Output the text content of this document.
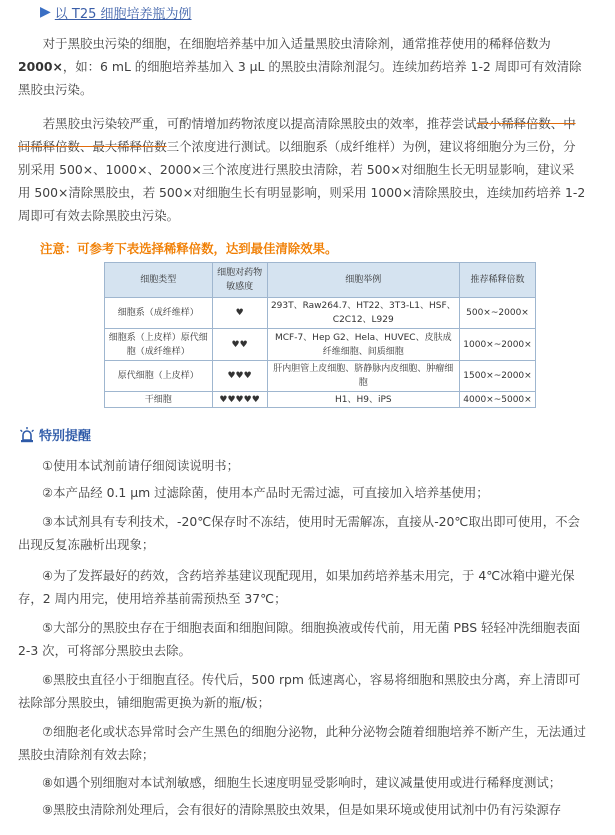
▶ 以 T25 细胞培养瓶为例
对于黑胶虫污染的细胞，在细胞培养基中加入适量黑胶虫清除剂，通常推荐使用的稀释倍数为2000×，如：6 mL 的细胞培养基加入 3 μL 的黑胶虫清除剂混匀。连续加药培养 1-2 周即可有效清除黑胶虫污染。
若黑胶虫污染较严重，可酌情增加药物浓度以提高清除黑胶虫的效率，推荐尝试最小稀释倍数、中间稀释倍数、最大稀释倍数三个浓度进行测试。以细胞系（成纤维样）为例，建议将细胞分为三份，分别采用 500×、1000×、2000×三个浓度进行黑胶虫清除，若 500×对细胞生长无明显影响，建议采用 500×清除黑胶虫，若 500×对细胞生长有明显影响，则采用 1000×清除黑胶虫，连续加药培养 1-2 周即可有效去除黑胶虫污染。
注意：可参考下表选择稀释倍数，达到最佳清除效果。
细胞类型	细胞对药物敏感度	细胞举例	推荐稀释倍数
细胞系（成纤维样）	♥	293T、Raw264.7、HT22、3T3-L1、HSF、C2C12、L929	500×~2000×
细胞系（上皮样）原代细胞（成纤维样）	♥♥	MCF-7、Hep G2、Hela、HUVEC、皮肤成纤维细胞、间质细胞	1000×~2000×
原代细胞（上皮样）	♥♥♥	肝内胆管上皮细胞、脐静脉内皮细胞、肿瘤细胞	1500×~2000×
干细胞	♥♥♥♥♥	H1、H9、iPS	4000×~5000×
特别提醒
①使用本试剂前请仔细阅读说明书；
②本产品经 0.1 μm 过滤除菌，使用本产品时无需过滤，可直接加入培养基使用；
③本试剂具有专利技术，-20℃保存时不冻结，使用时无需解冻，直接从-20℃取出即可使用，不会出现反复冻融析出现象；
④为了发挥最好的药效，含药培养基建议现配现用，如果加药培养基未用完，于 4℃冰箱中避光保存，2 周内用完，使用培养基前需预热至 37℃；
⑤大部分的黑胶虫存在于细胞表面和细胞间隙。细胞换液或传代前，用无菌 PBS 轻轻冲洗细胞表面 2-3 次，可将部分黑胶虫去除。
⑥黑胶虫直径小于细胞直径。传代后，500 rpm 低速离心，容易将细胞和黑胶虫分离，弃上清即可祛除部分黑胶虫，铺细胞需更换为新的瓶/板；
⑦细胞老化或状态异常时会产生黑色的细胞分泌物，此种分泌物会随着细胞培养不断产生，无法通过黑胶虫清除剂有效去除；
⑧如遇个别细胞对本试剂敏感，细胞生长速度明显受影响时，建议减量使用或进行稀释度测试；
⑨黑胶虫清除剂处理后，会有很好的清除黑胶虫效果，但是如果环境或使用试剂中仍有污染源存
